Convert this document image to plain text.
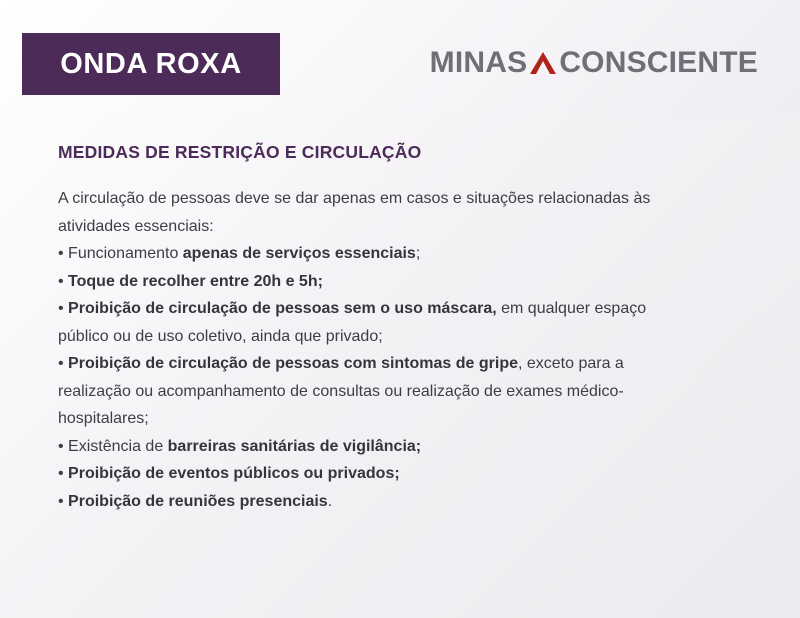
ONDA ROXA	MINAS CONSCIENTE
MEDIDAS DE RESTRIÇÃO E CIRCULAÇÃO

A circulação de pessoas deve se dar apenas em casos e situações relacionadas às atividades essenciais:

• Funcionamento apenas de serviços essenciais;
• Toque de recolher entre 20h e 5h;
• Proibição de circulação de pessoas sem o uso máscara, em qualquer espaço público ou de uso coletivo, ainda que privado;
• Proibição de circulação de pessoas com sintomas de gripe, exceto para a realização ou acompanhamento de consultas ou realização de exames médico-hospitalares;
• Existência de barreiras sanitárias de vigilância;
• Proibição de eventos públicos ou privados;
• Proibição de reuniões presenciais.
